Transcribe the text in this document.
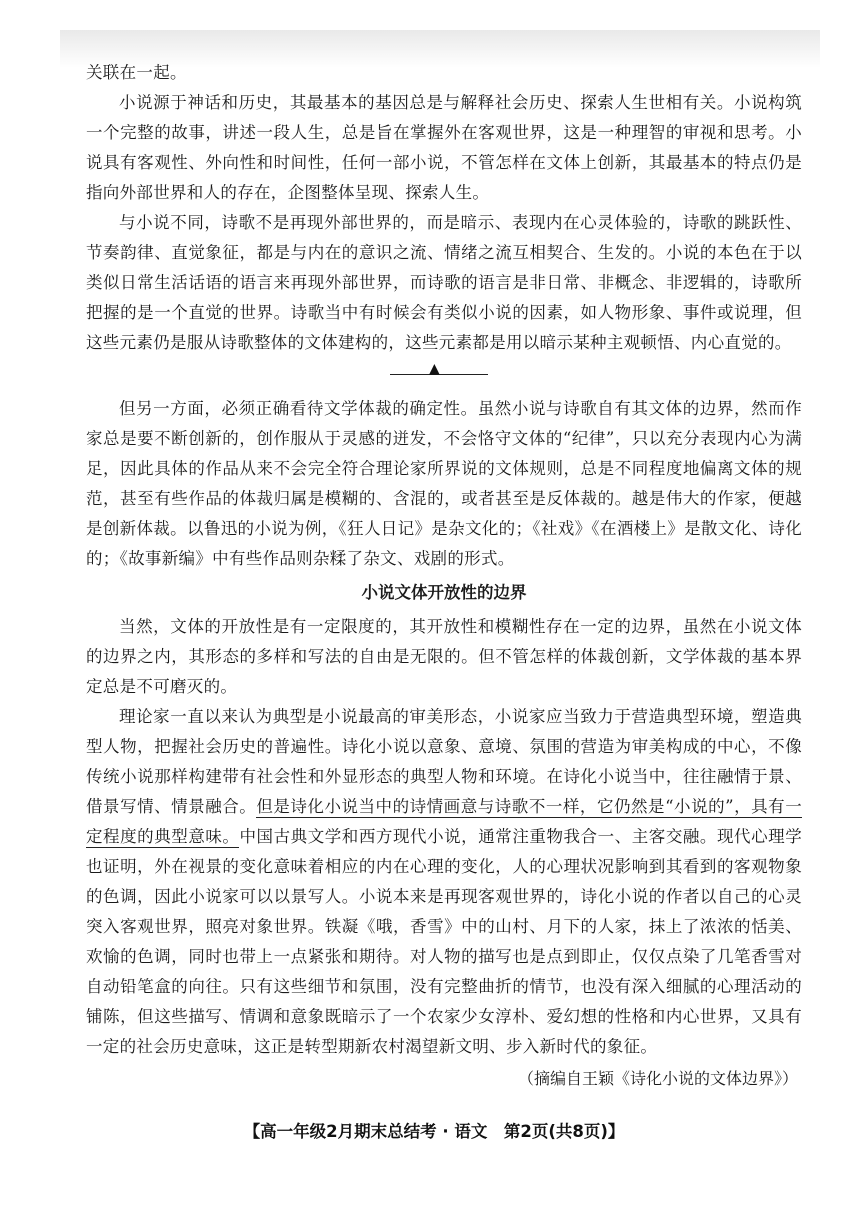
关联在一起。

小说源于神话和历史，其最基本的基因总是与解释社会历史、探索人生世相有关。小说构筑一个完整的故事，讲述一段人生，总是旨在掌握外在客观世界，这是一种理智的审视和思考。小说具有客观性、外向性和时间性，任何一部小说，不管怎样在文体上创新，其最基本的特点仍是指向外部世界和人的存在，企图整体呈现、探索人生。

与小说不同，诗歌不是再现外部世界的，而是暗示、表现内在心灵体验的，诗歌的跳跃性、节奏韵律、直觉象征，都是与内在的意识之流、情绪之流互相契合、生发的。小说的本色在于以类似日常生活话语的语言来再现外部世界，而诗歌的语言是非日常、非概念、非逻辑的，诗歌所把握的是一个直觉的世界。诗歌当中有时候会有类似小说的因素，如人物形象、事件或说理，但这些元素仍是服从诗歌整体的文体建构的，这些元素都是用以暗示某种主观顿悟、内心直觉的。

▲

但另一方面，必须正确看待文学体裁的确定性。虽然小说与诗歌自有其文体的边界，然而作家总是要不断创新的，创作服从于灵感的迸发，不会恪守文体的“纪律”，只以充分表现内心为满足，因此具体的作品从来不会完全符合理论家所界说的文体规则，总是不同程度地偏离文体的规范，甚至有些作品的体裁归属是模糊的、含混的，或者甚至是反体裁的。越是伟大的作家，便越是创新体裁。以鲁迅的小说为例，《狂人日记》是杂文化的；《社戏》《在酒楼上》是散文化、诗化的；《故事新编》中有些作品则杂糅了杂文、戏剧的形式。

小说文体开放性的边界

当然，文体的开放性是有一定限度的，其开放性和模糊性存在一定的边界，虽然在小说文体的边界之内，其形态的多样和写法的自由是无限的。但不管怎样的体裁创新，文学体裁的基本界定总是不可磨灭的。

理论家一直以来认为典型是小说最高的审美形态，小说家应当致力于营造典型环境，塑造典型人物，把握社会历史的普遍性。诗化小说以意象、意境、氛围的营造为审美构成的中心，不像传统小说那样构建带有社会性和外显形态的典型人物和环境。在诗化小说当中，往往融情于景、借景写情、情景融合。但是诗化小说当中的诗情画意与诗歌不一样，它仍然是“小说的”，具有一定程度的典型意味。中国古典文学和西方现代小说，通常注重物我合一、主客交融。现代心理学也证明，外在视景的变化意味着相应的内在心理的变化，人的心理状况影响到其看到的客观物象的色调，因此小说家可以以景写人。小说本来是再现客观世界的，诗化小说的作者以自己的心灵突入客观世界，照亮对象世界。铁凝《哦，香雪》中的山村、月下的人家，抹上了浓浓的恬美、欢愉的色调，同时也带上一点紧张和期待。对人物的描写也是点到即止，仅仅点染了几笔香雪对自动铅笔盒的向往。只有这些细节和氛围，没有完整曲折的情节，也没有深入细腻的心理活动的铺陈，但这些描写、情调和意象既暗示了一个农家少女淳朴、爱幻想的性格和内心世界，又具有一定的社会历史意味，这正是转型期新农村渴望新文明、步入新时代的象征。

（摘编自王颖《诗化小说的文体边界》）

【高一年级2月期末总结考 · 语文　第2页(共8页)】
